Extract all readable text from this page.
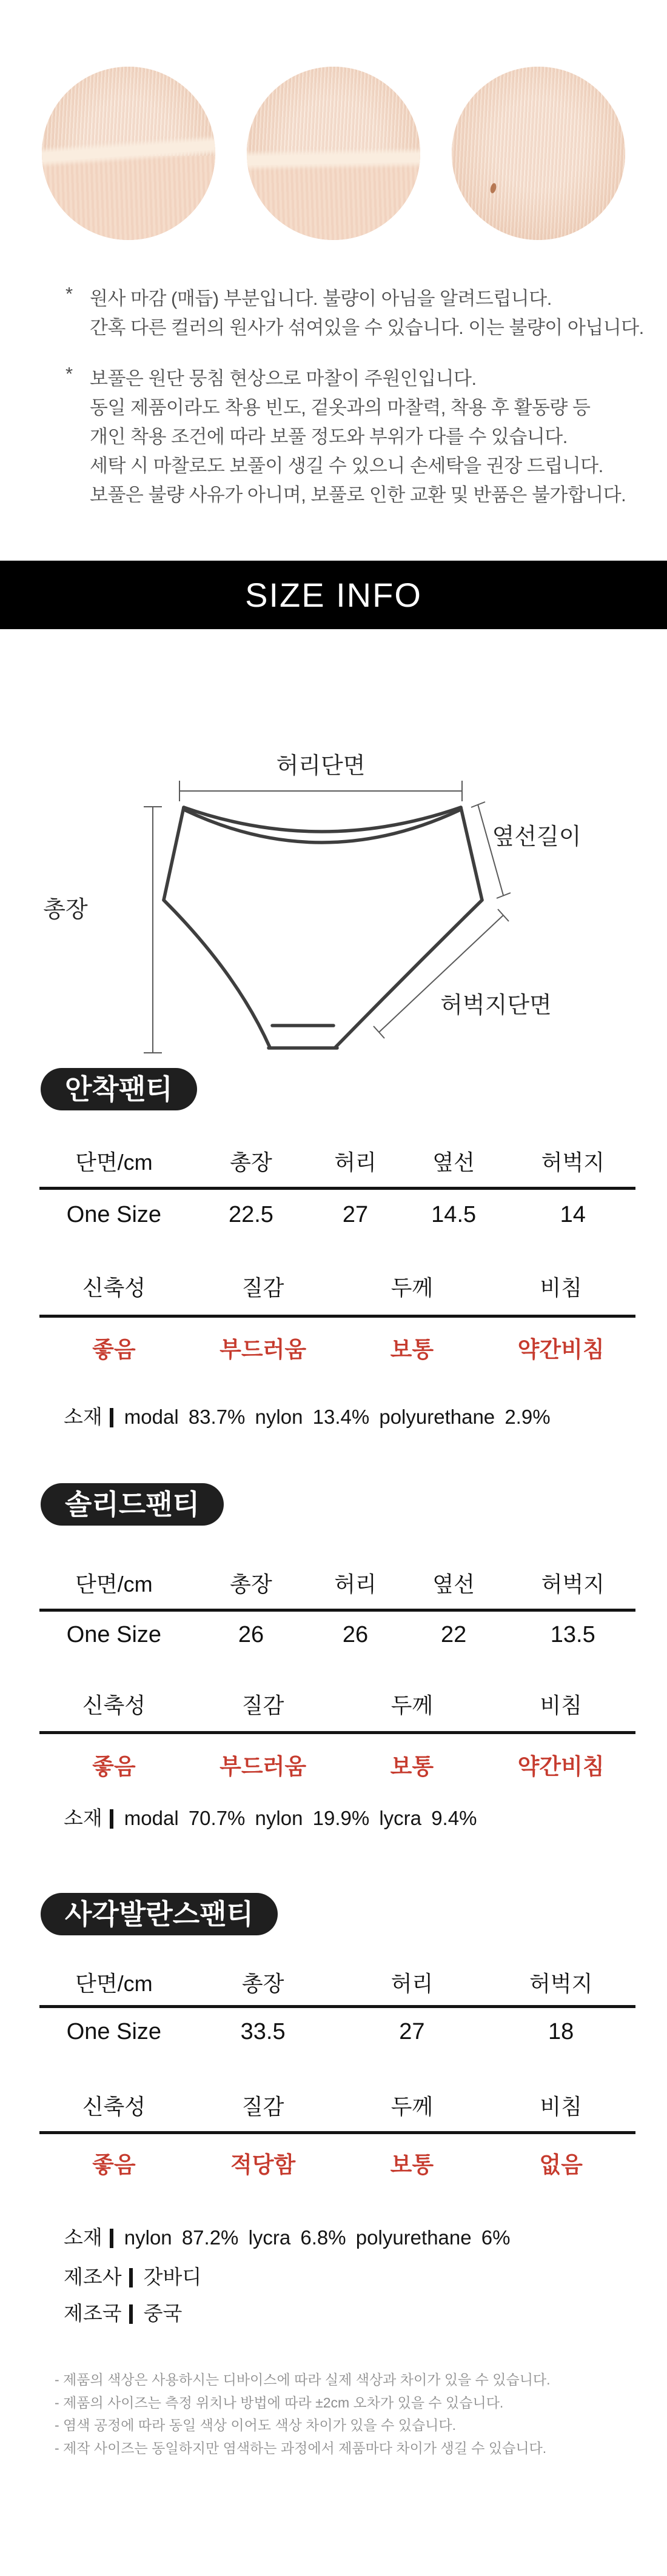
* 원사 마감 (매듭) 부분입니다. 불량이 아님을 알려드립니다.
간혹 다른 컬러의 원사가 섞여있을 수 있습니다. 이는 불량이 아닙니다.
* 보풀은 원단 뭉침 현상으로 마찰이 주원인입니다.
동일 제품이라도 착용 빈도, 겉옷과의 마찰력, 착용 후 활동량 등
개인 착용 조건에 따라 보풀 정도와 부위가 다를 수 있습니다.
세탁 시 마찰로도 보풀이 생길 수 있으니 손세탁을 권장 드립니다.
보풀은 불량 사유가 아니며, 보풀로 인한 교환 및 반품은 불가합니다.
SIZE INFO
허리단면
총장
옆선길이
허벅지단면
안착팬티
단면/cm	총장	허리	옆선	허벅지
One Size	22.5	27	14.5	14
신축성	질감	두께	비침
좋음	부드러움	보통	약간비침
소재 modal 83.7% nylon 13.4% polyurethane 2.9%
솔리드팬티
단면/cm	총장	허리	옆선	허벅지
One Size	26	26	22	13.5
신축성	질감	두께	비침
좋음	부드러움	보통	약간비침
소재 modal 70.7% nylon 19.9% lycra 9.4%
사각발란스팬티
단면/cm	총장	허리	허벅지
One Size	33.5	27	18
신축성	질감	두께	비침
좋음	적당함	보통	없음
소재 nylon 87.2% lycra 6.8% polyurethane 6%
제조사 갓바디
제조국 중국
- 제품의 색상은 사용하시는 디바이스에 따라 실제 색상과 차이가 있을 수 있습니다.
- 제품의 사이즈는 측정 위치나 방법에 따라 ±2cm 오차가 있을 수 있습니다.
- 염색 공정에 따라 동일 색상 이어도 색상 차이가 있을 수 있습니다.
- 제작 사이즈는 동일하지만 염색하는 과정에서 제품마다 차이가 생길 수 있습니다.
